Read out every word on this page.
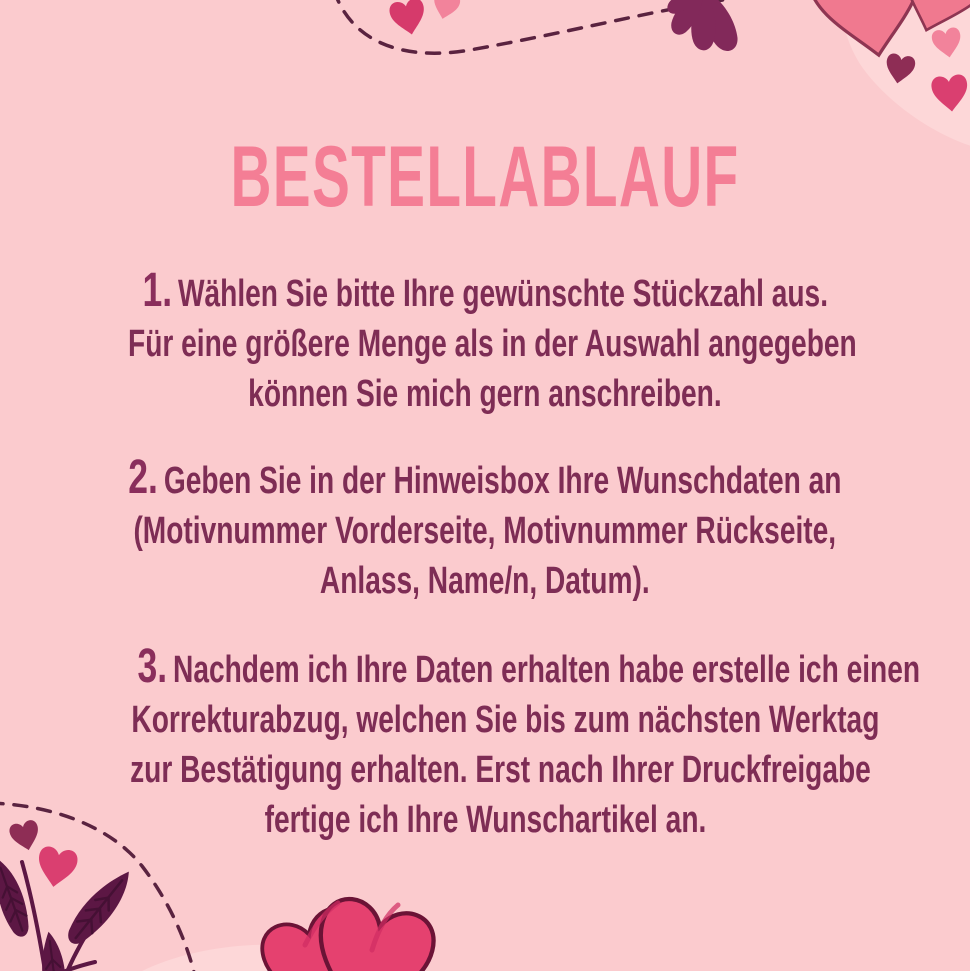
BESTELLABLAUF
1. Wählen Sie bitte Ihre gewünschte Stückzahl aus.
Für eine größere Menge als in der Auswahl angegeben
können Sie mich gern anschreiben.
2. Geben Sie in der Hinweisbox Ihre Wunschdaten an
(Motivnummer Vorderseite, Motivnummer Rückseite,
Anlass, Name/n, Datum).
3. Nachdem ich Ihre Daten erhalten habe erstelle ich einen
Korrekturabzug, welchen Sie bis zum nächsten Werktag
zur Bestätigung erhalten. Erst nach Ihrer Druckfreigabe
fertige ich Ihre Wunschartikel an.
